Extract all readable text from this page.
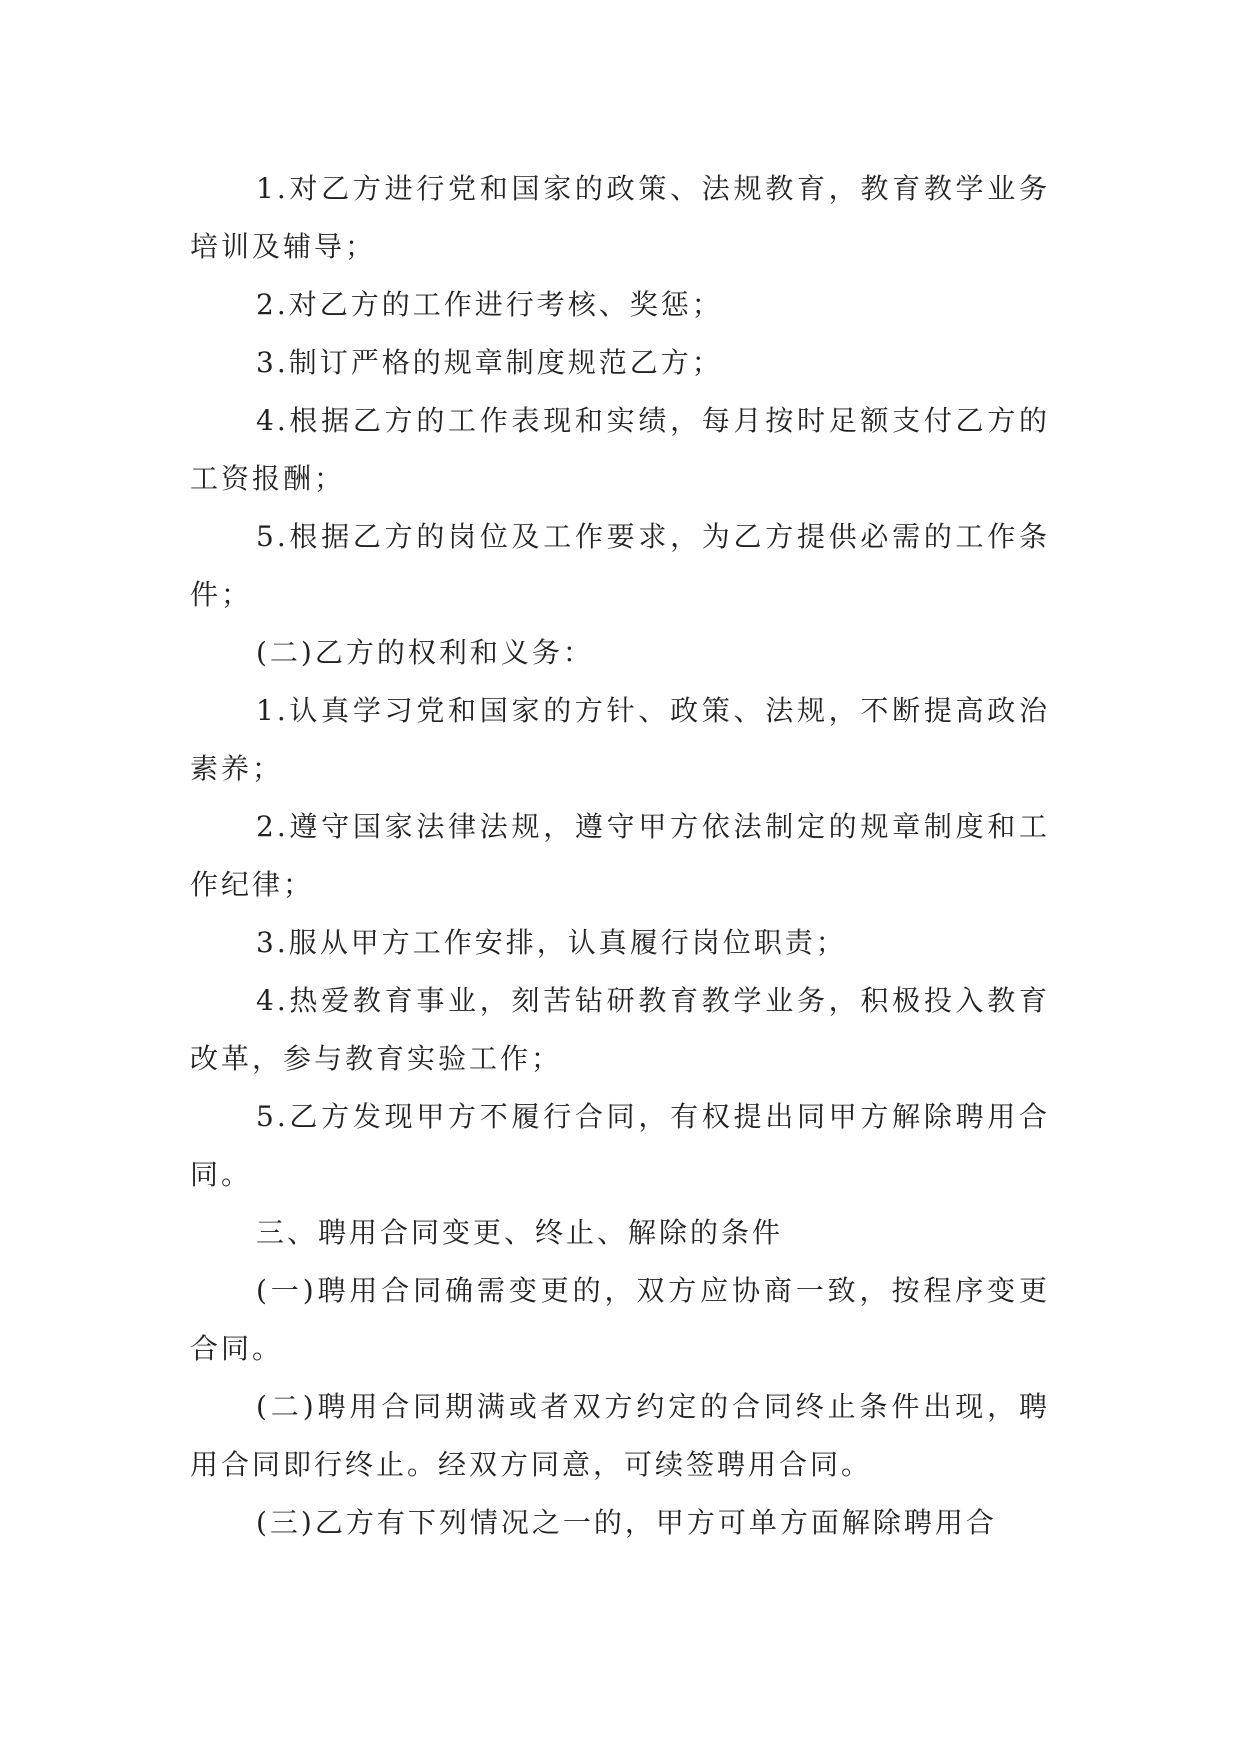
1.对乙方进行党和国家的政策、法规教育，教育教学业务培训及辅导；

2.对乙方的工作进行考核、奖惩；

3.制订严格的规章制度规范乙方；

4.根据乙方的工作表现和实绩，每月按时足额支付乙方的工资报酬；

5.根据乙方的岗位及工作要求，为乙方提供必需的工作条件；

(二)乙方的权利和义务：

1.认真学习党和国家的方针、政策、法规，不断提高政治素养；

2.遵守国家法律法规，遵守甲方依法制定的规章制度和工作纪律；

3.服从甲方工作安排，认真履行岗位职责；

4.热爱教育事业，刻苦钻研教育教学业务，积极投入教育改革，参与教育实验工作；

5.乙方发现甲方不履行合同，有权提出同甲方解除聘用合同。

三、聘用合同变更、终止、解除的条件

(一)聘用合同确需变更的，双方应协商一致，按程序变更合同。

(二)聘用合同期满或者双方约定的合同终止条件出现，聘用合同即行终止。经双方同意，可续签聘用合同。

(三)乙方有下列情况之一的，甲方可单方面解除聘用合
